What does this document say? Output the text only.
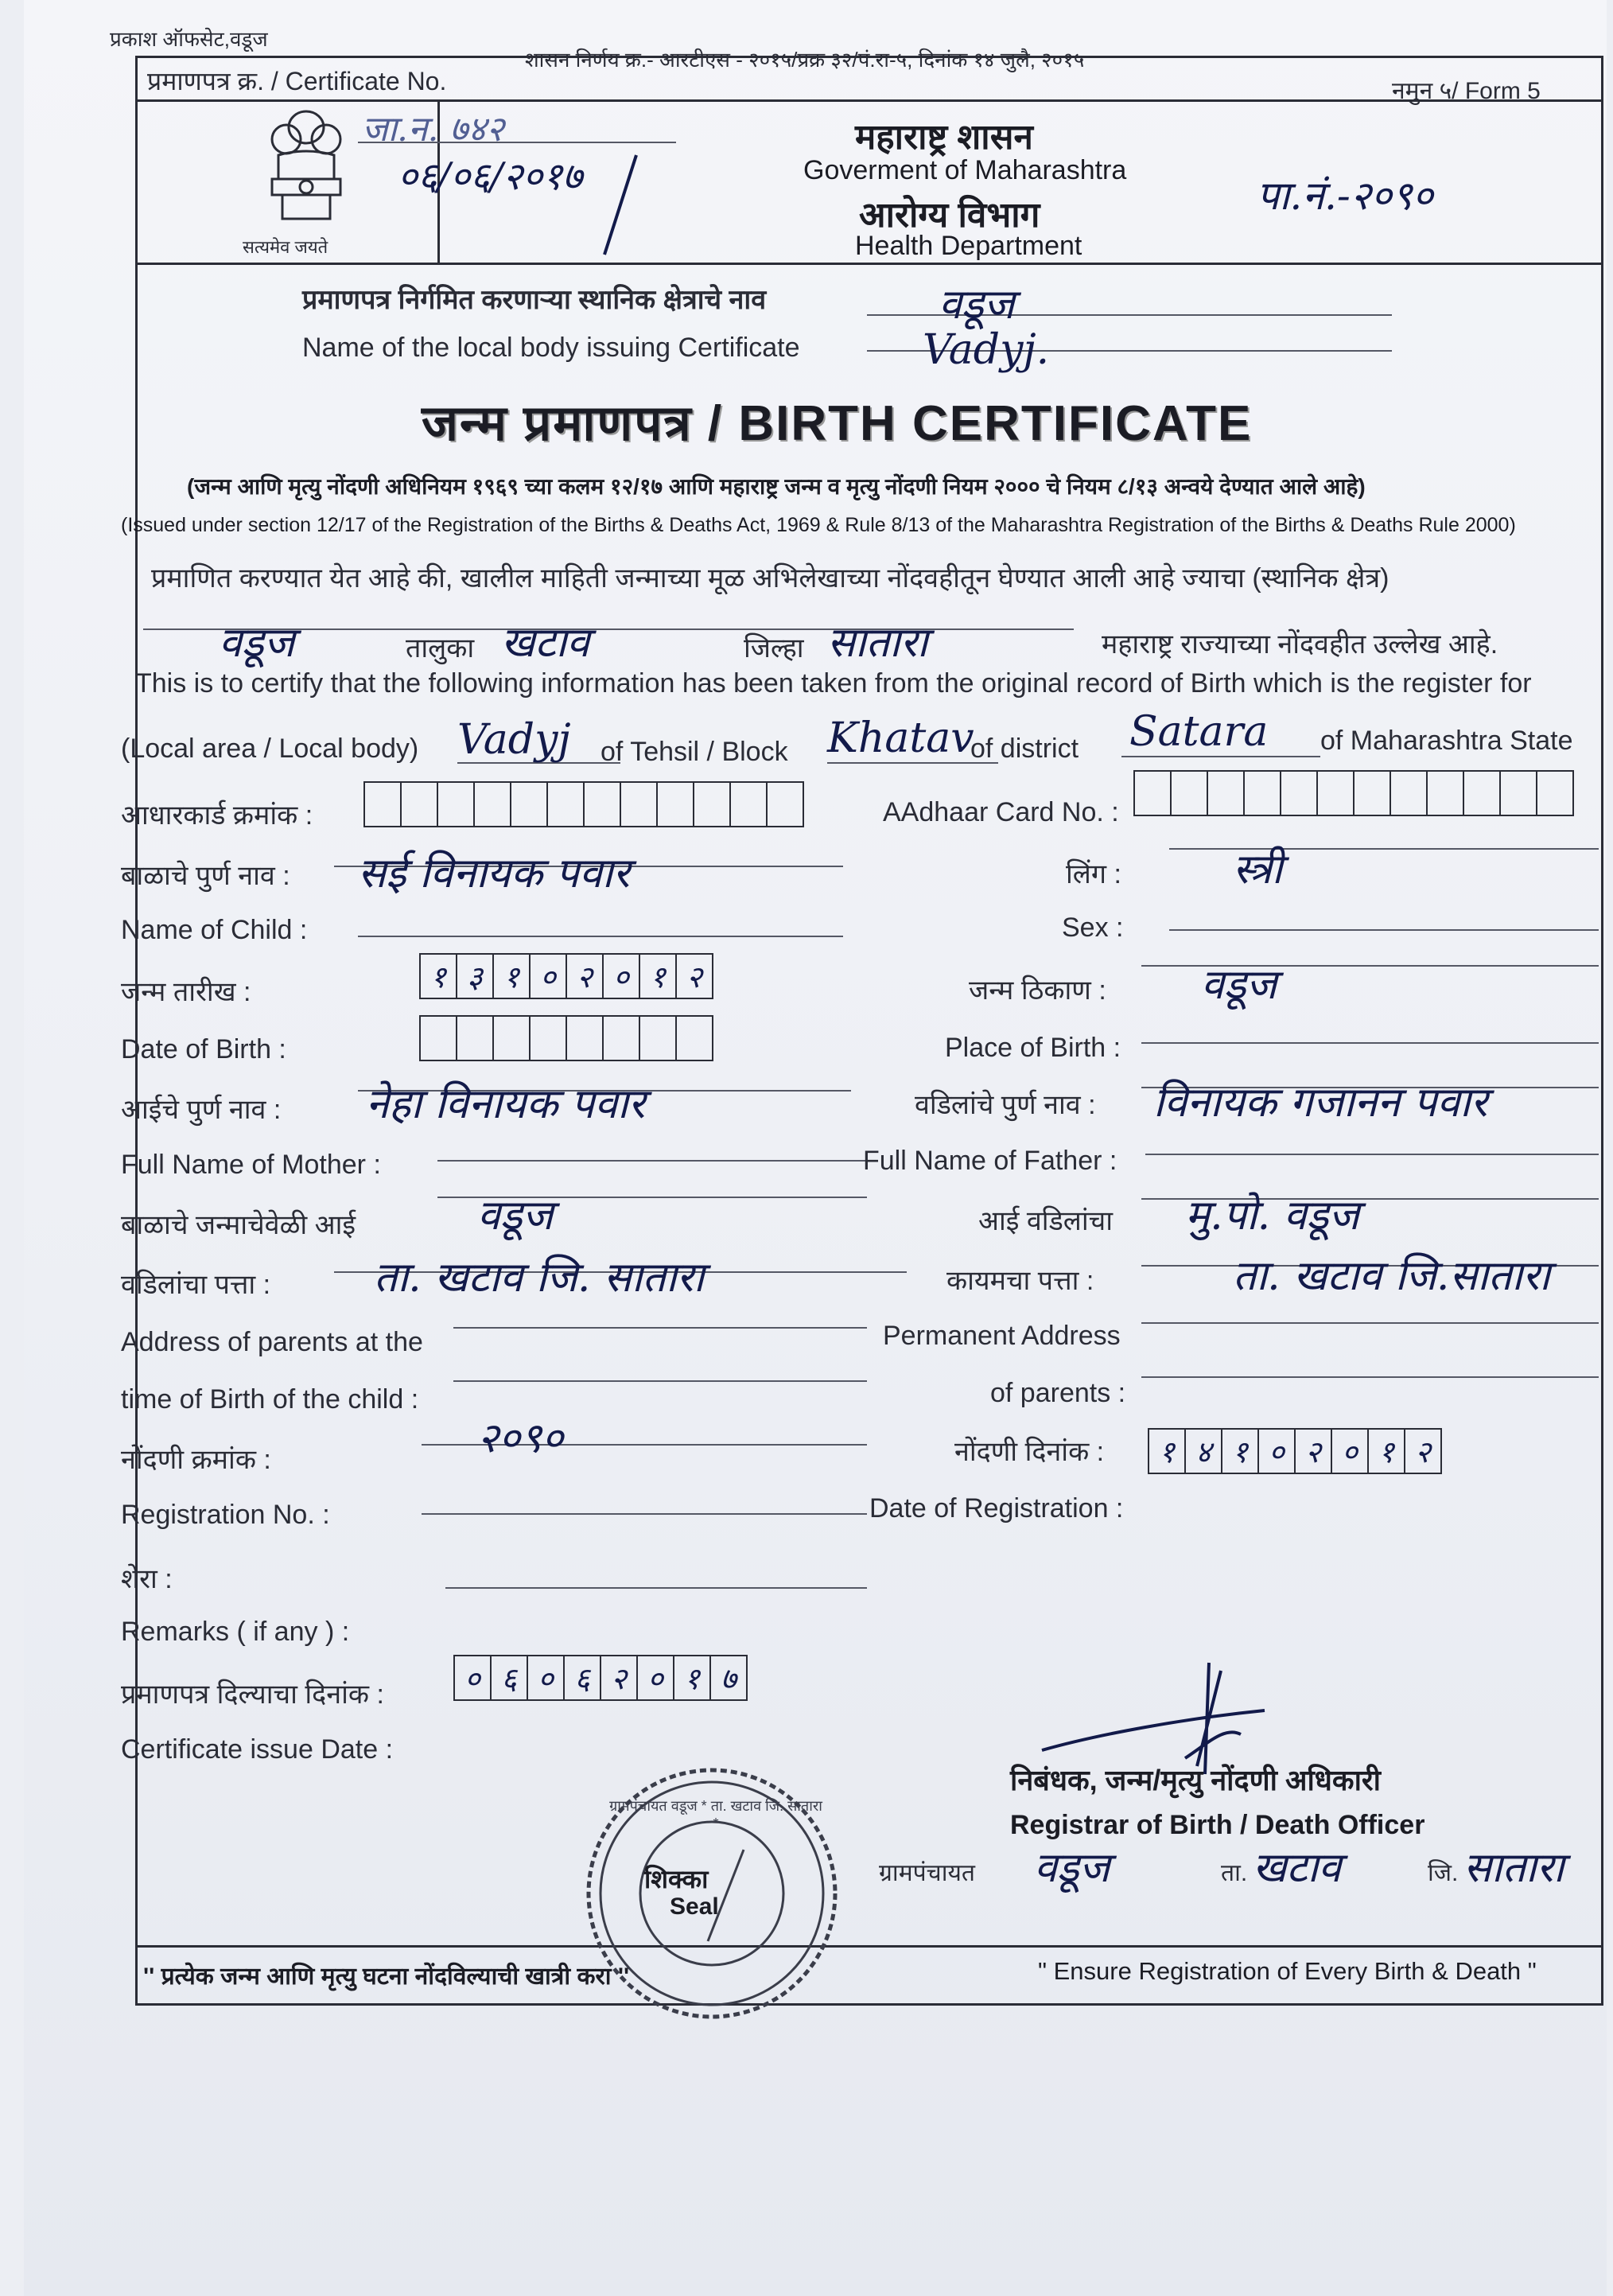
प्रकाश ऑफसेट,वडूज
शासन निर्णय क्र.- आरटीएस - २०१५/प्रक्र ३२/पं.रा-५, दिनांक १४ जुलै, २०१५
प्रमाणपत्र क्र. / Certificate No.	नमुन ५/ Form 5
सत्यमेव जयते
जा.न. ७४२
०६/०६/२०१७
महाराष्ट्र शासन
Goverment of Maharashtra
आरोग्य विभाग
Health Department
पा.नं.-२०९०
प्रमाणपत्र निर्गमित करणाऱ्या स्थानिक क्षेत्राचे नाव	वडूज
Name of the local body issuing Certificate	Vadyj.
जन्म प्रमाणपत्र / BIRTH CERTIFICATE
(जन्म आणि मृत्यु नोंदणी अधिनियम १९६९ च्या कलम १२/१७ आणि महाराष्ट्र जन्म व मृत्यु नोंदणी नियम २००० चे नियम ८/१३ अन्वये देण्यात आले आहे)
(Issued under section 12/17 of the Registration of the Births & Deaths Act, 1969 & Rule 8/13 of the Maharashtra Registration of the Births & Deaths Rule 2000)
प्रमाणित करण्यात येत आहे की, खालील माहिती जन्माच्या मूळ अभिलेखाच्या नोंदवहीतून घेण्यात आली आहे ज्याचा (स्थानिक क्षेत्र)
वडूज	तालुका खटाव	जिल्हा सातारा	महाराष्ट्र राज्याच्या नोंदवहीत उल्लेख आहे.
This is to certify that the following information has been taken from the original record of Birth which is the register for
(Local area / Local body) Vadyj of Tehsil / Block Khatav
of district Satara of Maharashtra State
आधारकार्ड क्रमांक :	AAdhaar Card No. :
बाळाचे पुर्ण नाव : सई विनायक पवार	लिंग :	स्त्री
Name of Child :	Sex :
जन्म तारीख :	१ ३ १ ० २ ० १ २	जन्म ठिकाण : वडूज
Date of Birth :	Place of Birth :
आईचे पुर्ण नाव : नेहा विनायक पवार	वडिलांचे पुर्ण नाव : विनायक गजानन पवार
Full Name of Mother :	Full Name of Father :
बाळाचे जन्माचेवेळी आई	वडूज	आई वडिलांचा मु.पो. वडूज
वडिलांचा पत्ता : ता. खटाव जि. सातारा	कायमचा पत्ता :	ता. खटाव जि.सातारा
Address of parents at the	Permanent Address
time of Birth of the child :	of parents :
नोंदणी क्रमांक :	२०९०	नोंदणी दिनांक :	१ ४ १ ० २ ० १ २
Registration No. :	Date of Registration :
शेरा :
Remarks ( if any ) :
प्रमाणपत्र दिल्याचा दिनांक :	० ६ ० ६ २ ० १ ७
Certificate issue Date :
निबंधक, जन्म/मृत्यु नोंदणी अधिकारी
Registrar of Birth / Death Officer
ग्रामपंचायत वडूज	ता. खटाव	जि. सातारा
शिक्का
Seal
ग्रामपंचायत वडूज * ता. खटाव जि. सातारा *
'' प्रत्येक जन्म आणि मृत्यु घटना नोंदविल्याची खात्री करा ''	" Ensure Registration of Every Birth & Death "
